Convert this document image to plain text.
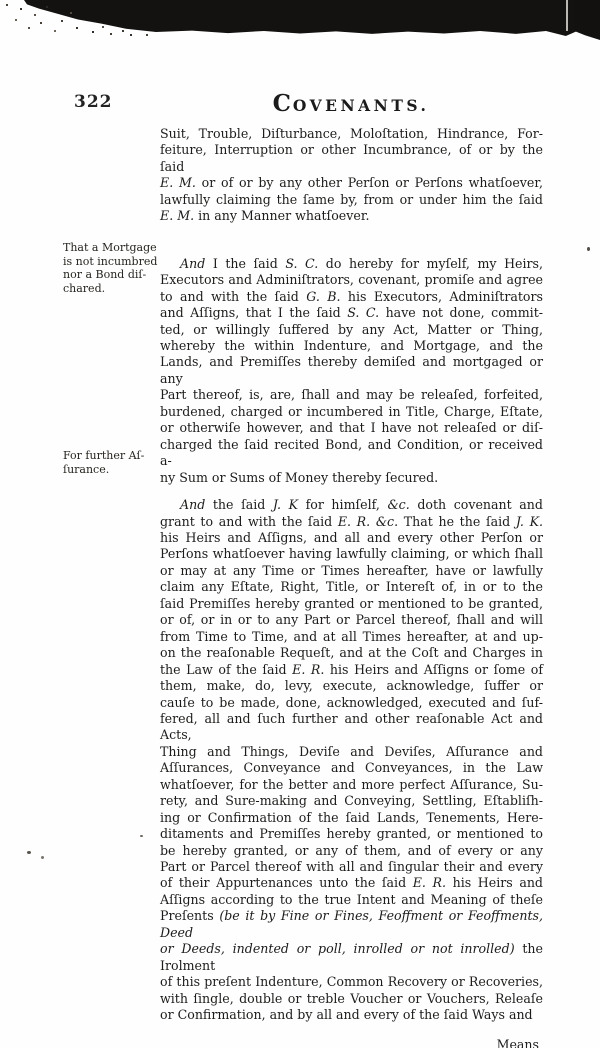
322	COVENANTS.
That a Mortgage
is not incumbred
nor a Bond diſ-
chared.
For further Aſ-
ſurance.
Suit, Trouble, Diſturbance, Moloſtation, Hindrance, For-
feiture, Interruption or other Incumbrance, of or by the ſaid
E. M. or of or by any other Perſon or Perſons whatſoever,
lawfully claiming the ſame by, from or under him the ſaid
E. M. in any Manner whatſoever.
And I the ſaid S. C. do hereby for myſelf, my Heirs,
Executors and Adminiſtrators, covenant, promiſe and agree
to and with the ſaid G. B. his Executors, Adminiſtrators
and Aſſigns, that I the ſaid S. C. have not done, commit-
ted, or willingly ſuffered by any Act, Matter or Thing,
whereby the within Indenture, and Mortgage, and the
Lands, and Premiſſes thereby demiſed and mortgaged or any
Part thereof, is, are, ſhall and may be releaſed, forfeited,
burdened, charged or incumbered in Title, Charge, Eſtate,
or otherwiſe however, and that I have not releaſed or diſ-
charged the ſaid recited Bond, and Condition, or received a-
ny Sum or Sums of Money thereby ſecured.
And the ſaid J. K for himſelf, &c. doth covenant and
grant to and with the ſaid E. R. &c. That he the ſaid J. K.
his Heirs and Aſſigns, and all and every other Perſon or
Perſons whatſoever having lawfully claiming, or which ſhall
or may at any Time or Times hereafter, have or lawfully
claim any Eſtate, Right, Title, or Intereſt of, in or to the
ſaid Premiſſes hereby granted or mentioned to be granted,
or of, or in or to any Part or Parcel thereof, ſhall and will
from Time to Time, and at all Times hereafter, at and up-
on the reaſonable Requeſt, and at the Coſt and Charges in
the Law of the ſaid E. R. his Heirs and Aſſigns or ſome of
them, make, do, levy, execute, acknowledge, ſuffer or
cauſe to be made, done, acknowledged, executed and ſuf-
fered, all and ſuch further and other reaſonable Act and Acts,
Thing and Things, Deviſe and Deviſes, Aſſurance and
Aſſurances, Conveyance and Conveyances, in the Law
whatſoever, for the better and more perfect Aſſurance, Su-
rety, and Sure-making and Conveying, Settling, Eſtabliſh-
ing or Confirmation of the ſaid Lands, Tenements, Here-
ditaments and Premiſſes hereby granted, or mentioned to
be hereby granted, or any of them, and of every or any
Part or Parcel thereof with all and ſingular their and every
of their Appurtenances unto the ſaid E. R. his Heirs and
Aſſigns according to the true Intent and Meaning of theſe
Preſents (be it by Fine or Fines, Feoffment or Feoffments, Deed
or Deeds, indented or poll, inrolled or not inrolled) the Irolment
of this preſent Indenture, Common Recovery or Recoveries,
with ſingle, double or treble Voucher or Vouchers, Releaſe
or Confirmation, and by all and every of the ſaid Ways and
Means
